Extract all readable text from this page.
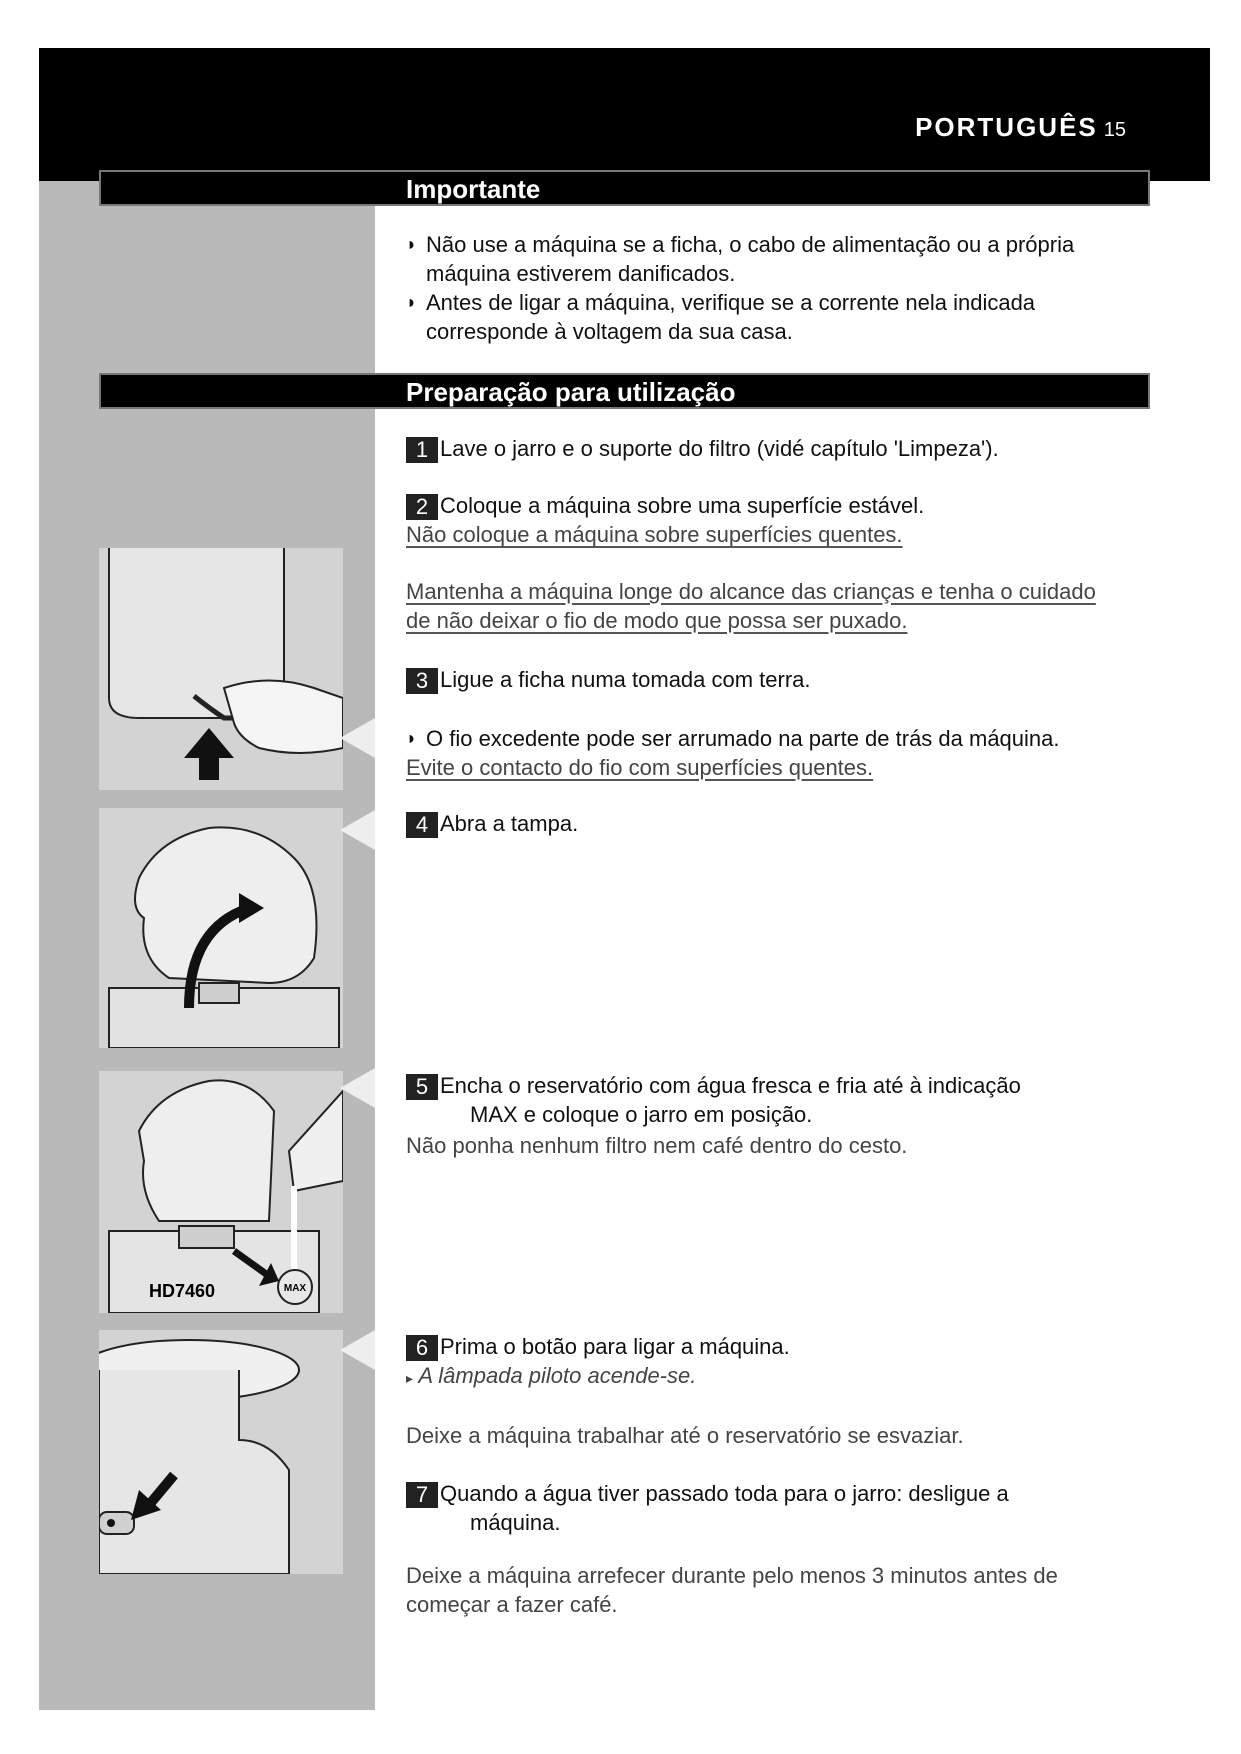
PORTUGUÊS 15
Importante
◗ Não use a máquina se a ficha, o cabo de alimentação ou a própria máquina estiverem danificados.
◗ Antes de ligar a máquina, verifique se a corrente nela indicada corresponde à voltagem da sua casa.
Preparação para utilização
1 Lave o jarro e o suporte do filtro (vidé capítulo 'Limpeza').
2 Coloque a máquina sobre uma superfície estável.
Não coloque a máquina sobre superfícies quentes.
Mantenha a máquina longe do alcance das crianças e tenha o cuidado de não deixar o fio de modo que possa ser puxado.
3 Ligue a ficha numa tomada com terra.
◗ O fio excedente pode ser arrumado na parte de trás da máquina.
Evite o contacto do fio com superfícies quentes.
4 Abra a tampa.
5 Encha o reservatório com água fresca e fria até à indicação
MAX e coloque o jarro em posição.
Não ponha nenhum filtro nem café dentro do cesto.
6 Prima o botão para ligar a máquina.
▸ A lâmpada piloto acende-se.
Deixe a máquina trabalhar até o reservatório se esvaziar.
7 Quando a água tiver passado toda para o jarro: desligue a
máquina.
Deixe a máquina arrefecer durante pelo menos 3 minutos antes de começar a fazer café.
MAX
HD7460
